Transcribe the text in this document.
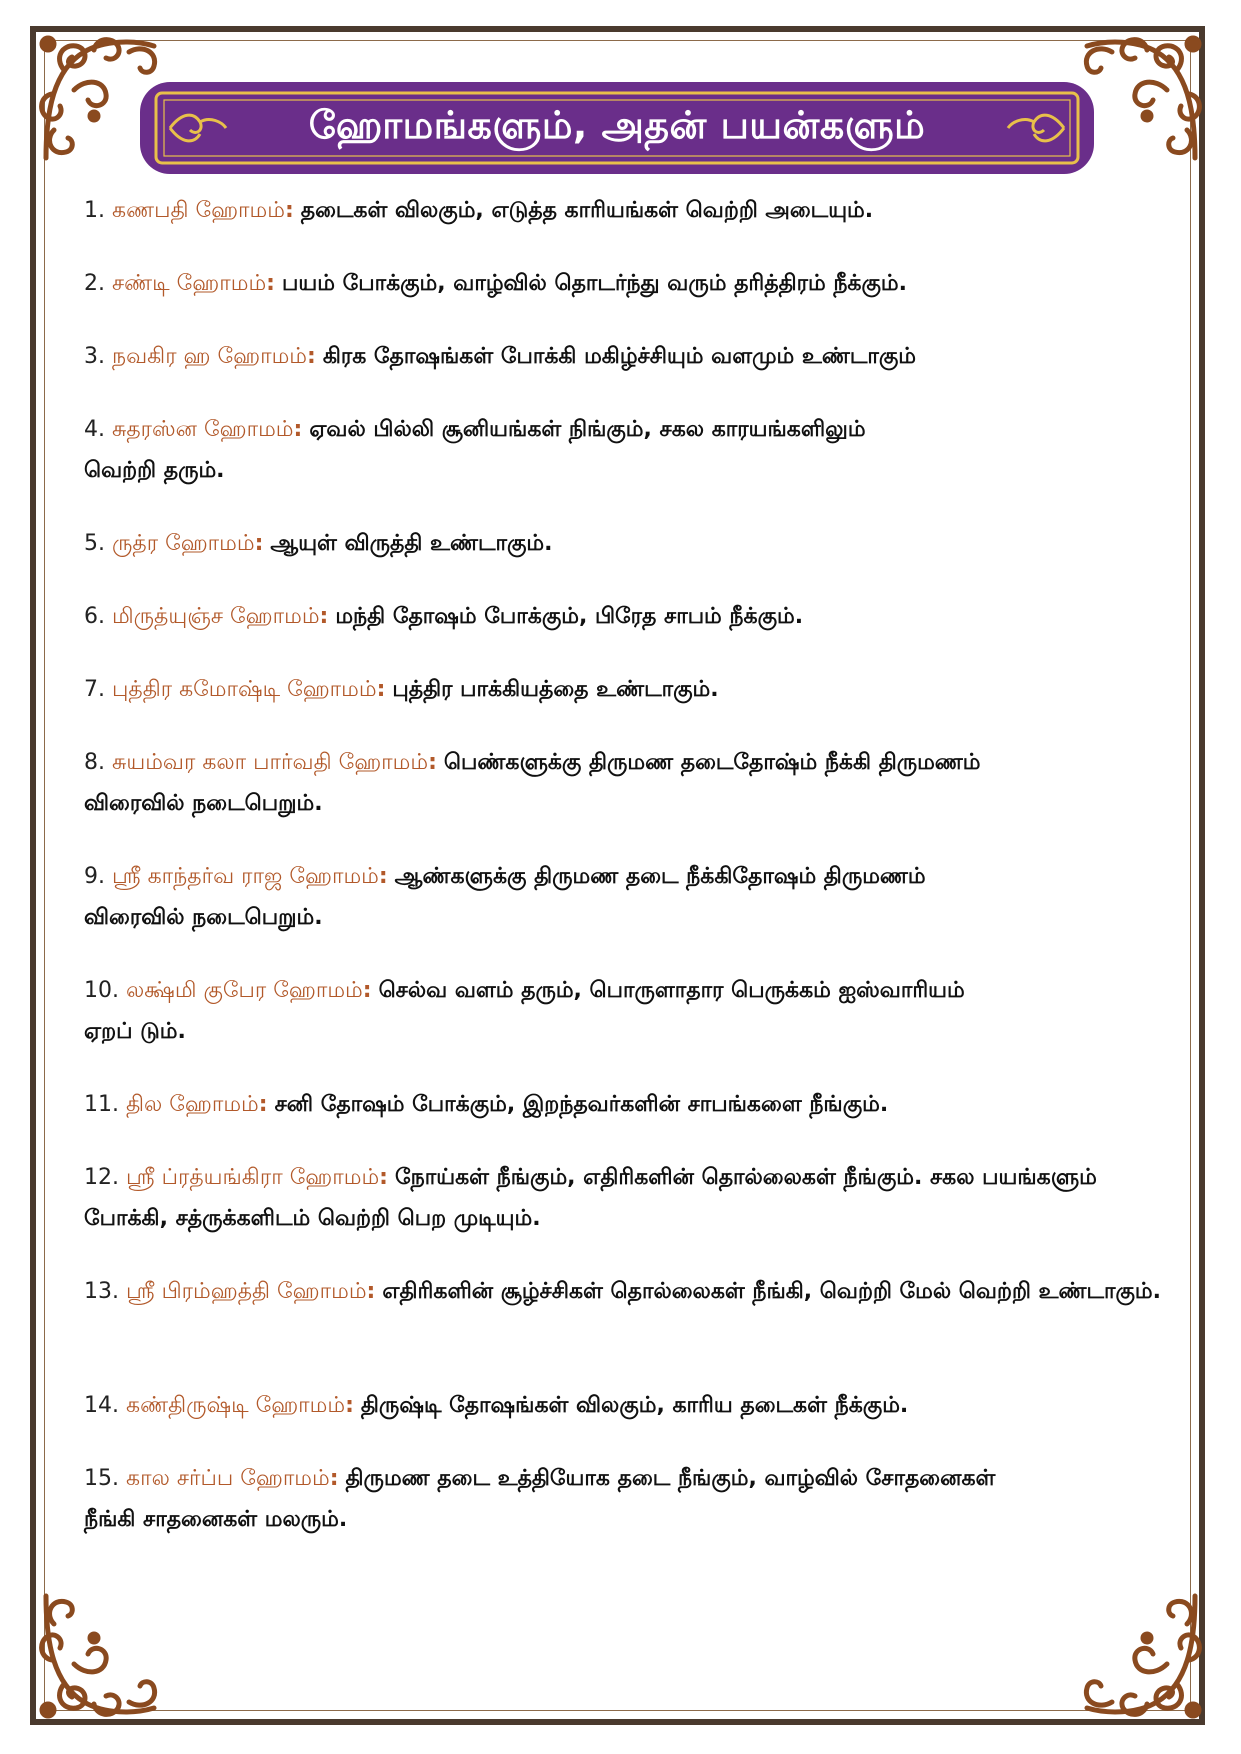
ஹோமங்களும், அதன் பயன்களும்
1. கணபதி ஹோமம்: தடைகள் விலகும், எடுத்த காரியங்கள் வெற்றி அடையும்.
2. சண்டி ஹோமம்: பயம் போக்கும், வாழ்வில் தொடர்ந்து வரும் தரித்திரம் நீக்கும்.
3. நவகிர ஹ ஹோமம்: கிரக தோஷங்கள் போக்கி மகிழ்ச்சியும் வளமும் உண்டாகும்
4. சுதரஸ்ன ஹோமம்: ஏவல் பில்லி சூனியங்கள் நிங்கும், சகல காரயங்களிலும் வெற்றி தரும்.
5. ருத்ர ஹோமம்: ஆயுள் விருத்தி உண்டாகும்.
6. மிருத்யுஞ்ச ஹோமம்: மந்தி தோஷம் போக்கும், பிரேத சாபம் நீக்கும்.
7. புத்திர கமோஷ்டி ஹோமம்: புத்திர பாக்கியத்தை உண்டாகும்.
8. சுயம்வர கலா பார்வதி ஹோமம்: பெண்களுக்கு திருமண தடைதோஷ்ம் நீக்கி திருமணம் விரைவில் நடைபெறும்.
9. ஸ்ரீ காந்தர்வ ராஜ ஹோமம்: ஆண்களுக்கு திருமண தடை நீக்கிதோஷம் திருமணம் விரைவில் நடைபெறும்.
10. லக்ஷ்மி குபேர ஹோமம்: செல்வ வளம் தரும், பொருளாதார பெருக்கம் ஐஸ்வாரியம் ஏறப் டும்.
11. தில ஹோமம்: சனி தோஷம் போக்கும், இறந்தவர்களின் சாபங்களை நீங்கும்.
12. ஸ்ரீ ப்ரத்யங்கிரா ஹோமம்: நோய்கள் நீங்கும், எதிரிகளின் தொல்லைகள் நீங்கும். சகல பயங்களும் போக்கி, சத்ருக்களிடம் வெற்றி பெற முடியும்.
13. ஸ்ரீ பிரம்ஹத்தி ஹோமம்: எதிரிகளின் சூழ்ச்சிகள் தொல்லைகள் நீங்கி, வெற்றி மேல் வெற்றி உண்டாகும்.
14. கண்திருஷ்டி ஹோமம்: திருஷ்டி தோஷங்கள் விலகும், காரிய தடைகள் நீக்கும்.
15. கால சர்ப்ப ஹோமம்: திருமண தடை உத்தியோக தடை நீங்கும், வாழ்வில் சோதனைகள் நீங்கி சாதனைகள் மலரும்.
